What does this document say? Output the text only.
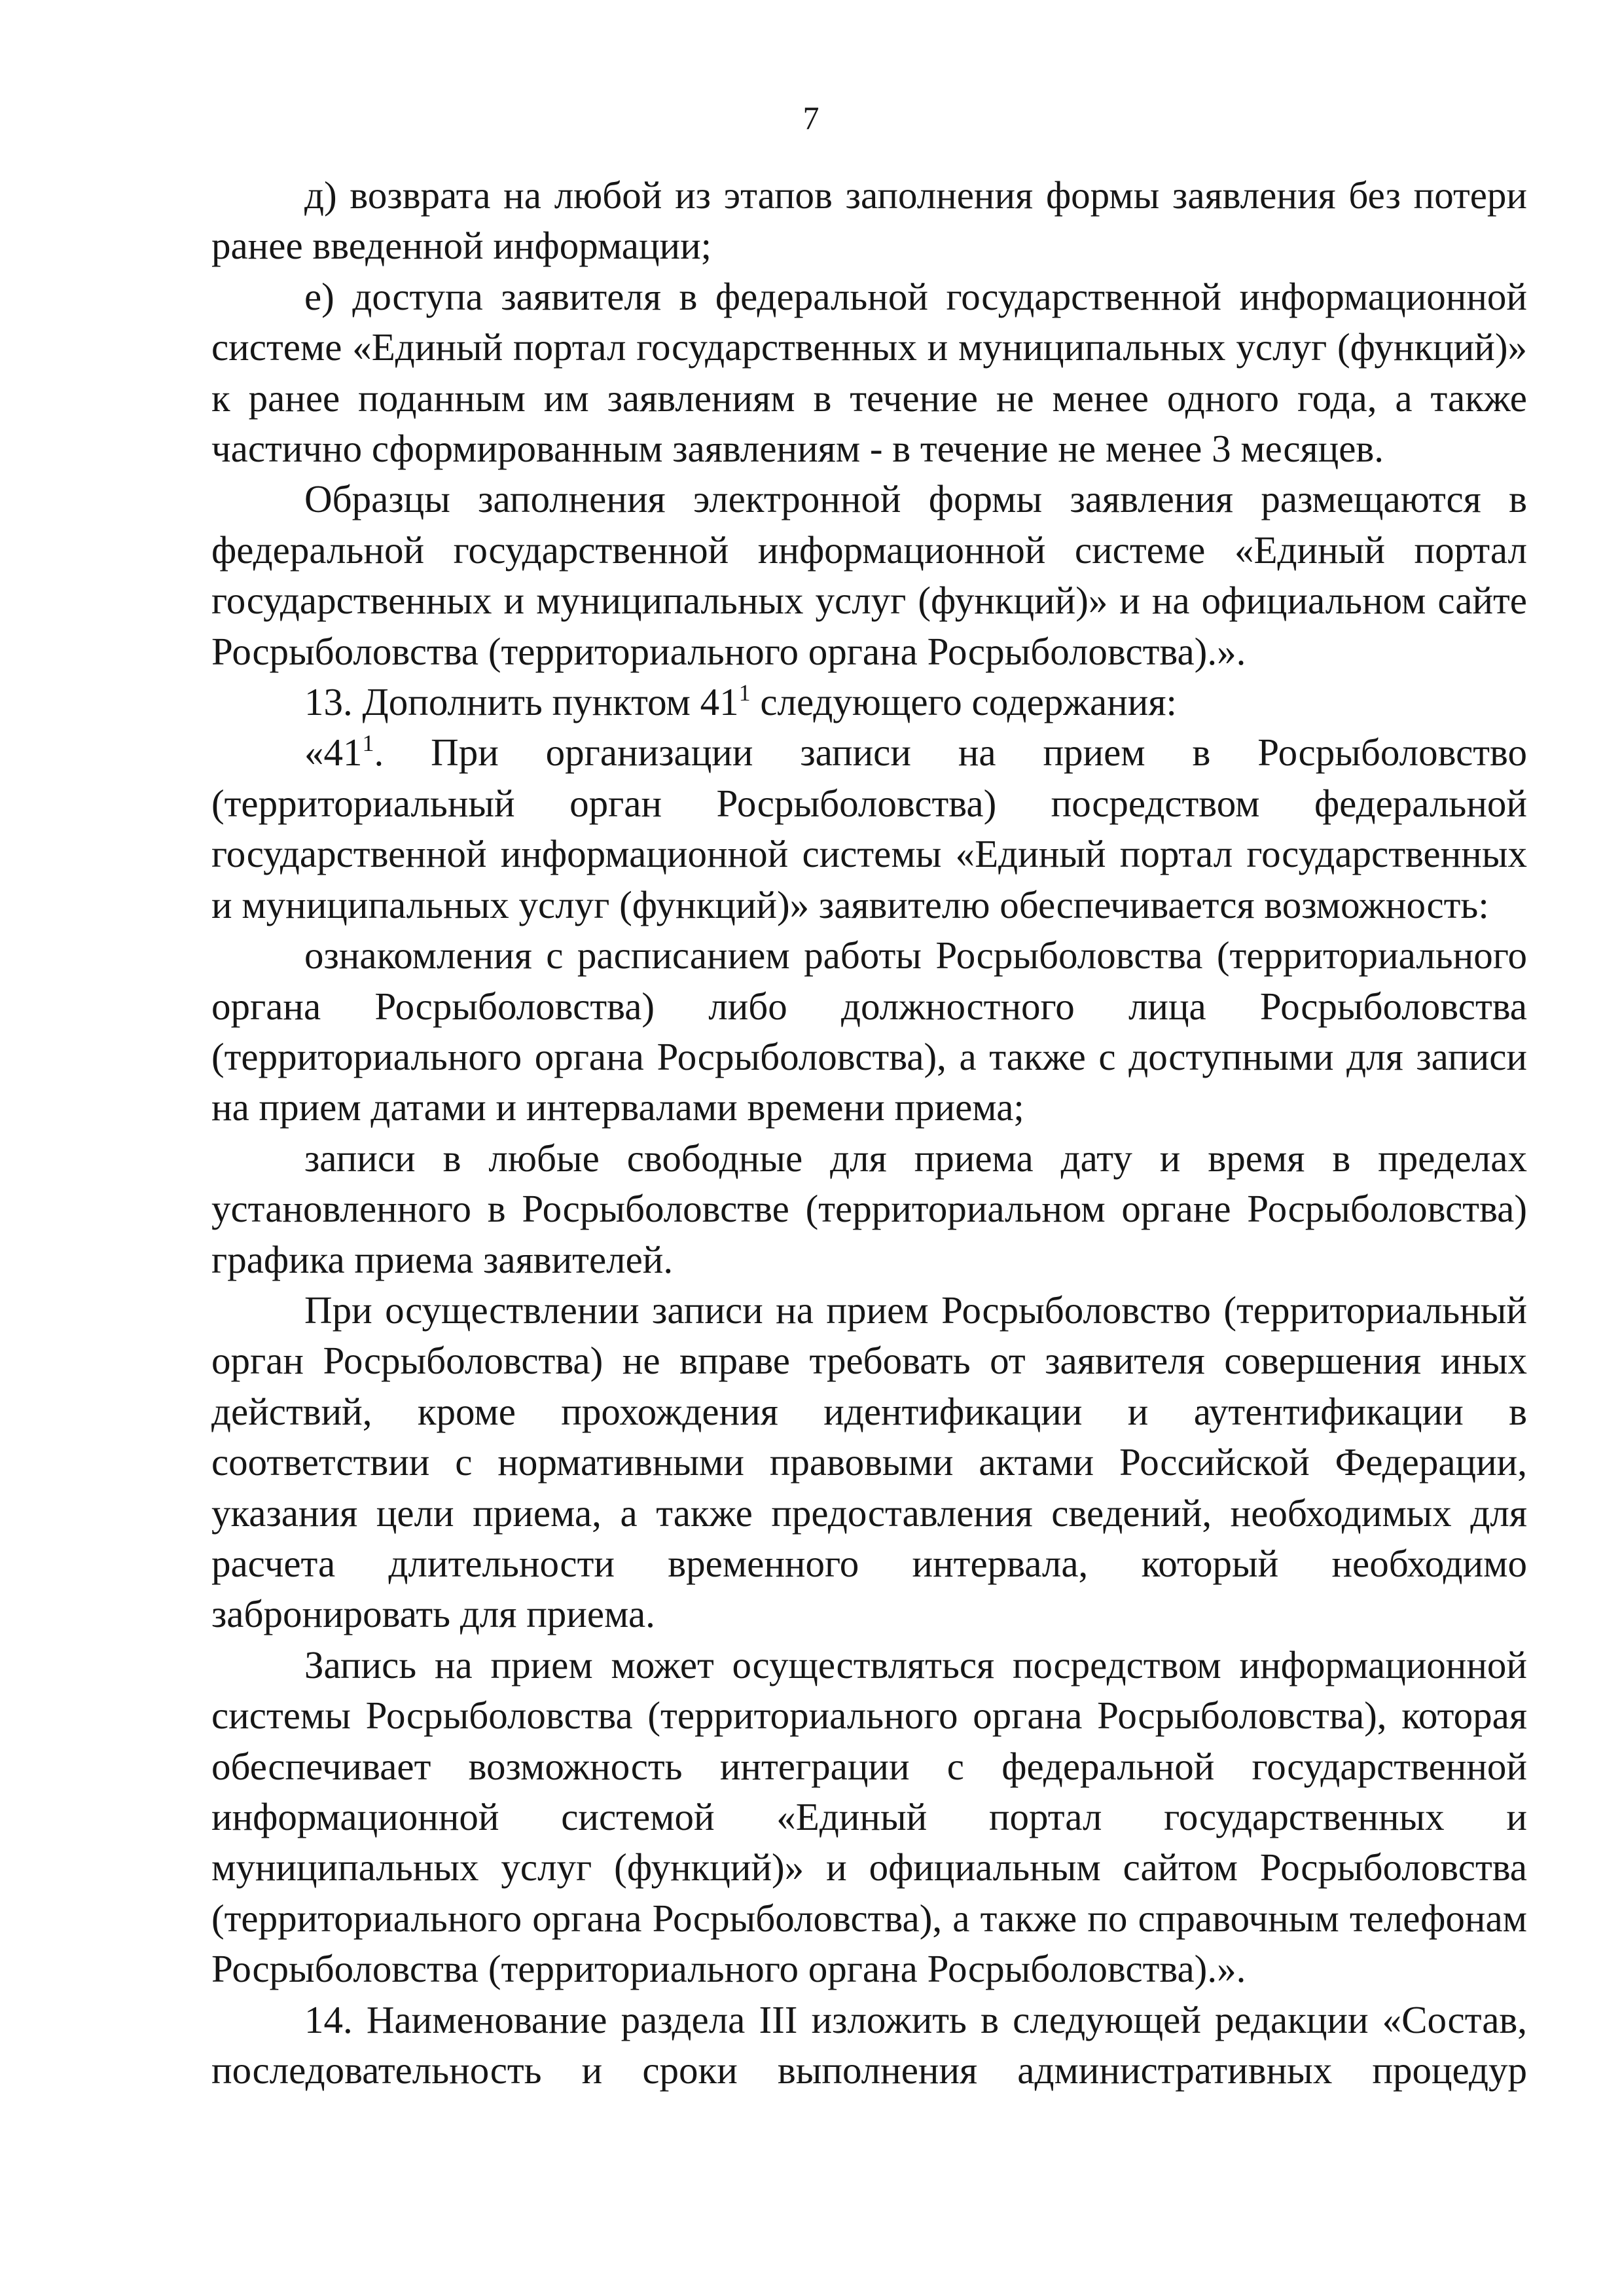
7

д) возврата на любой из этапов заполнения формы заявления без потери ранее введенной информации;

е) доступа заявителя в федеральной государственной информационной системе «Единый портал государственных и муниципальных услуг (функций)» к ранее поданным им заявлениям в течение не менее одного года, а также частично сформированным заявлениям - в течение не менее 3 месяцев.

Образцы заполнения электронной формы заявления размещаются в федеральной государственной информационной системе «Единый портал государственных и муниципальных услуг (функций)» и на официальном сайте Росрыболовства (территориального органа Росрыболовства).».

13. Дополнить пунктом $41^1$ следующего содержания:

«$41^1$. При организации записи на прием в Росрыболовство (территориальный орган Росрыболовства) посредством федеральной государственной информационной системы «Единый портал государственных и муниципальных услуг (функций)» заявителю обеспечивается возможность:

ознакомления с расписанием работы Росрыболовства (территориального органа Росрыболовства) либо должностного лица Росрыболовства (территориального органа Росрыболовства), а также с доступными для записи на прием датами и интервалами времени приема;

записи в любые свободные для приема дату и время в пределах установленного в Росрыболовстве (территориальном органе Росрыболовства) графика приема заявителей.

При осуществлении записи на прием Росрыболовство (территориальный орган Росрыболовства) не вправе требовать от заявителя совершения иных действий, кроме прохождения идентификации и аутентификации в соответствии с нормативными правовыми актами Российской Федерации, указания цели приема, а также предоставления сведений, необходимых для расчета длительности временного интервала, который необходимо забронировать для приема.

Запись на прием может осуществляться посредством информационной системы Росрыболовства (территориального органа Росрыболовства), которая обеспечивает возможность интеграции с федеральной государственной информационной системой «Единый портал государственных и муниципальных услуг (функций)» и официальным сайтом Росрыболовства (территориального органа Росрыболовства), а также по справочным телефонам Росрыболовства (территориального органа Росрыболовства).».

14. Наименование раздела III изложить в следующей редакции «Состав, последовательность и сроки выполнения административных процедур
